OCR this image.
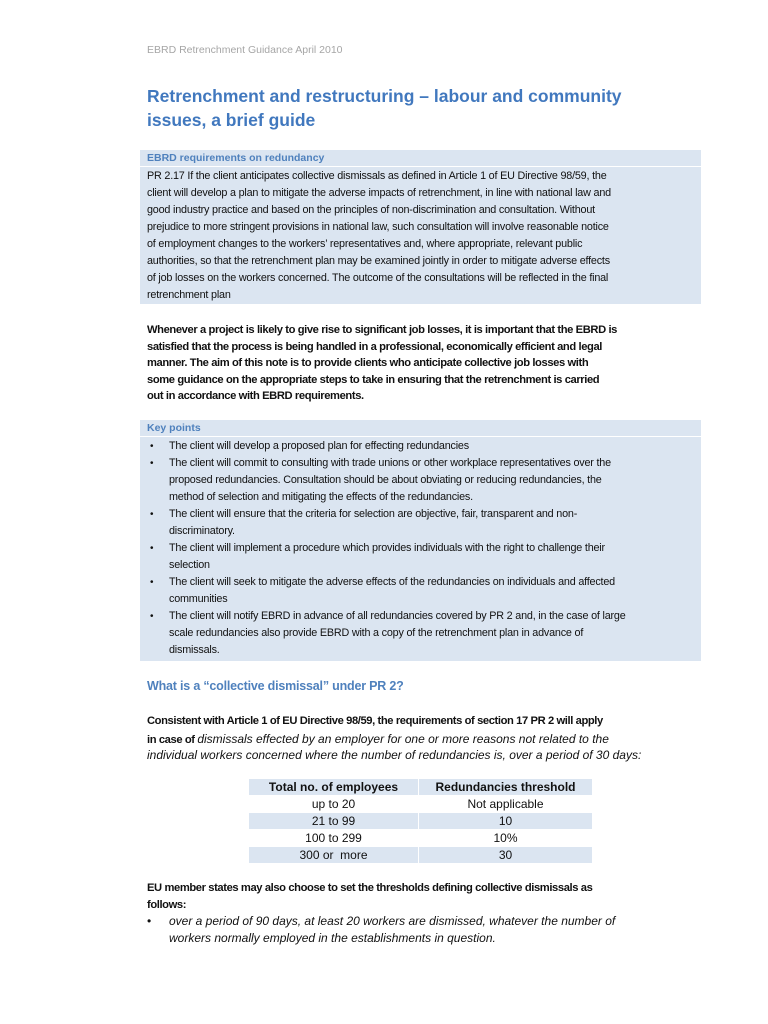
EBRD Retrenchment Guidance April 2010
Retrenchment and restructuring – labour and community
issues, a brief guide
EBRD requirements on redundancy
PR 2.17 If the client anticipates collective dismissals as defined in Article 1 of EU Directive 98/59, the
client will develop a plan to mitigate the adverse impacts of retrenchment, in line with national law and
good industry practice and based on the principles of non-discrimination and consultation. Without
prejudice to more stringent provisions in national law, such consultation will involve reasonable notice
of employment changes to the workers’ representatives and, where appropriate, relevant public
authorities, so that the retrenchment plan may be examined jointly in order to mitigate adverse effects
of job losses on the workers concerned. The outcome of the consultations will be reflected in the final
retrenchment plan
Whenever a project is likely to give rise to significant job losses, it is important that the EBRD is
satisfied that the process is being handled in a professional, economically efficient and legal
manner. The aim of this note is to provide clients who anticipate collective job losses with
some guidance on the appropriate steps to take in ensuring that the retrenchment is carried
out in accordance with EBRD requirements.
Key points
• The client will develop a proposed plan for effecting redundancies
• The client will commit to consulting with trade unions or other workplace representatives over the
proposed redundancies. Consultation should be about obviating or reducing redundancies, the
method of selection and mitigating the effects of the redundancies.
• The client will ensure that the criteria for selection are objective, fair, transparent and non-
discriminatory.
• The client will implement a procedure which provides individuals with the right to challenge their
selection
• The client will seek to mitigate the adverse effects of the redundancies on individuals and affected
communities
• The client will notify EBRD in advance of all redundancies covered by PR 2 and, in the case of large
scale redundancies also provide EBRD with a copy of the retrenchment plan in advance of
dismissals.
What is a “collective dismissal” under PR 2?
Consistent with Article 1 of EU Directive 98/59, the requirements of section 17 PR 2 will apply
in case of dismissals effected by an employer for one or more reasons not related to the
individual workers concerned where the number of redundancies is, over a period of 30 days:
Total no. of employees	Redundancies threshold
up to 20	Not applicable
21 to 99	10
100 to 299	10%
300 or  more	30
EU member states may also choose to set the thresholds defining collective dismissals as
follows:
• over a period of 90 days, at least 20 workers are dismissed, whatever the number of
workers normally employed in the establishments in question.
